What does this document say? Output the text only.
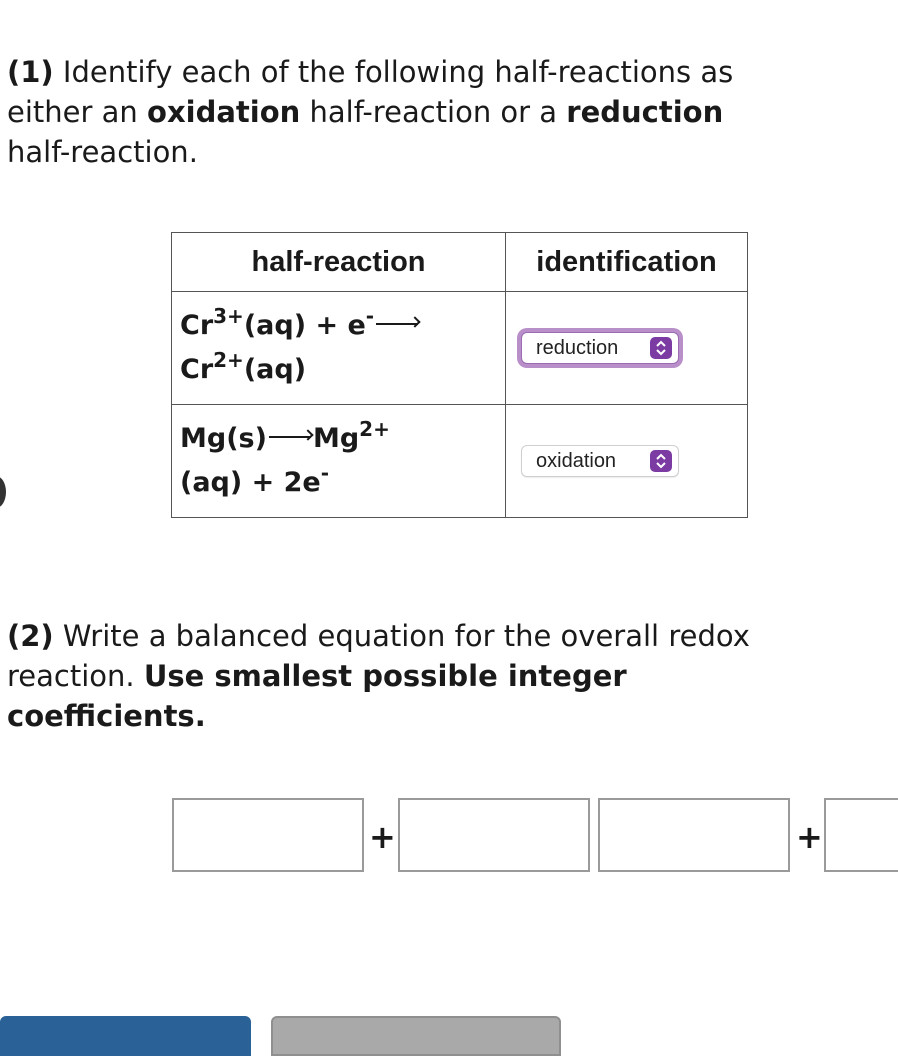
(1) Identify each of the following half-reactions as either an oxidation half-reaction or a reduction half-reaction.
half-reaction	identification

$Cr^{3+}(aq) + e^-$
$Cr^{2+}(aq)$	reduction

Mg(s) $Mg^{2+}$
(aq) + 2e-	oxidation
(2) Write a balanced equation for the overall redox reaction. Use smallest possible integer coefficients.
+	+
